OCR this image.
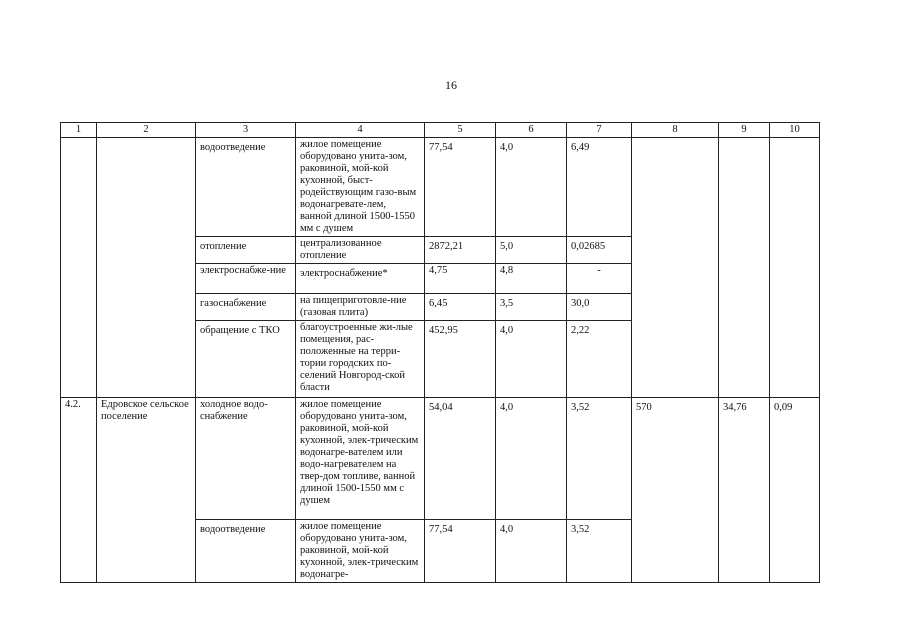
16
1	2	3	4	5	6	7	8	9	10
		водоотведение	жилое помещение оборудовано унита-зом, раковиной, мой-кой кухонной, быст-родействующим газо-вым водонагревате-лем, ванной длиной 1500-1550 мм с душем	77,54	4,0	6,49			
		отопление	централизованное отопление	2872,21	5,0	0,02685			
		электроснабже-ние	электроснабжение*	4,75	4,8	-			
		газоснабжение	на пищеприготовле-ние (газовая плита)	6,45	3,5	30,0			
		обращение с ТКО	благоустроенные жи-лые помещения, рас-положенные на терри-тории городских по-селений Новгород-ской бласти	452,95	4,0	2,22			
4.2.	Едровское сельское поселение	холодное водо-снабжение	жилое помещение оборудовано унита-зом, раковиной, мой-кой кухонной, элек-трическим водонагре-вателем или водо-нагревателем на твер-дом топливе, ванной длиной 1500-1550 мм с душем	54,04	4,0	3,52	570	34,76	0,09
		водоотведение	жилое помещение оборудовано унита-зом, раковиной, мой-кой кухонной, элек-трическим водонагре-	77,54	4,0	3,52			
